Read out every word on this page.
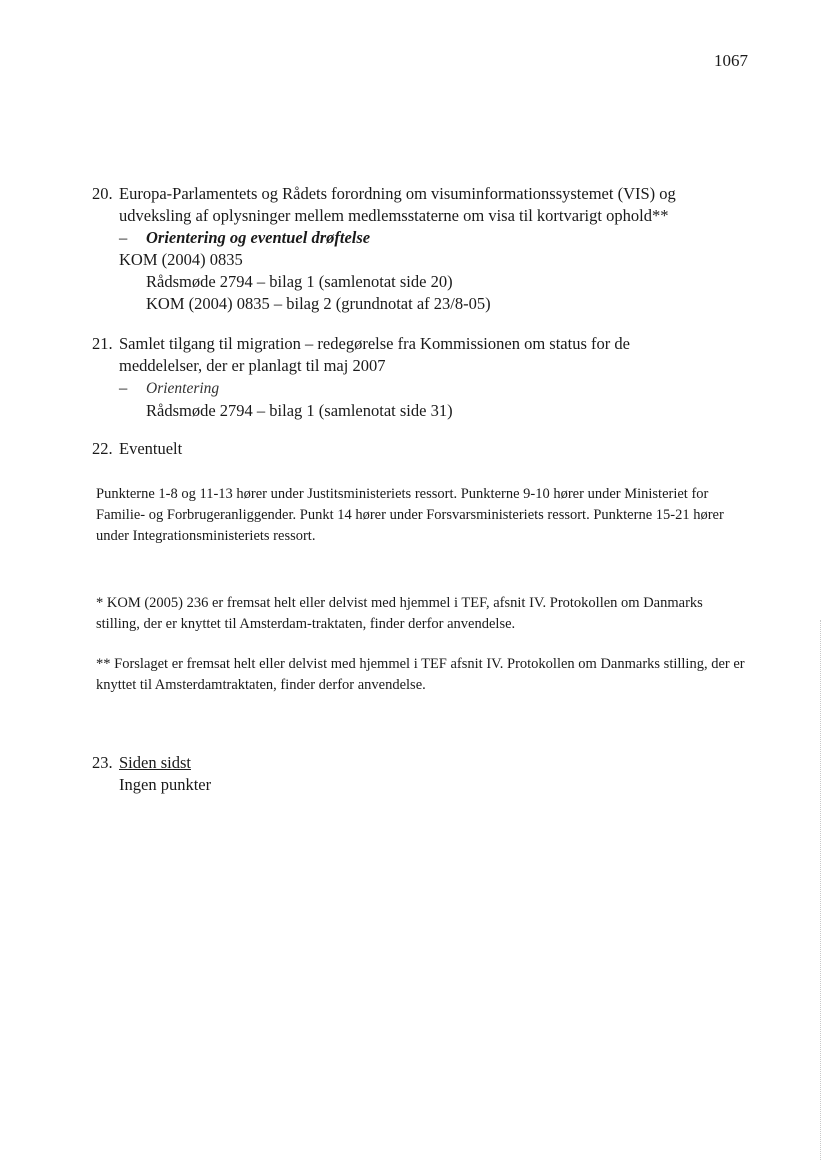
1067
20. Europa-Parlamentets og Rådets forordning om visuminformationssystemet (VIS) og
udveksling af oplysninger mellem medlemsstaterne om visa til kortvarigt ophold**
– Orientering og eventuel drøftelse
KOM (2004) 0835
Rådsmøde 2794 – bilag 1 (samlenotat side 20)
KOM (2004) 0835 – bilag 2 (grundnotat af 23/8-05)
21. Samlet tilgang til migration – redegørelse fra Kommissionen om status for de
meddelelser, der er planlagt til maj 2007
– Orientering
Rådsmøde 2794 – bilag 1 (samlenotat side 31)
22. Eventuelt
Punkterne 1-8 og 11-13 hører under Justitsministeriets ressort. Punkterne 9-10 hører under Ministeriet for Familie- og Forbrugeranliggender. Punkt 14 hører under Forsvarsministeriets ressort. Punkterne 15-21 hører under Integrationsministeriets ressort.
* KOM (2005) 236 er fremsat helt eller delvist med hjemmel i TEF, afsnit IV. Protokollen om Danmarks stilling, der er knyttet til Amsterdam-traktaten, finder derfor anvendelse.
** Forslaget er fremsat helt eller delvist med hjemmel i TEF afsnit IV. Protokollen om Danmarks stilling, der er knyttet til Amsterdamtraktaten, finder derfor anvendelse.
23. Siden sidst
Ingen punkter
